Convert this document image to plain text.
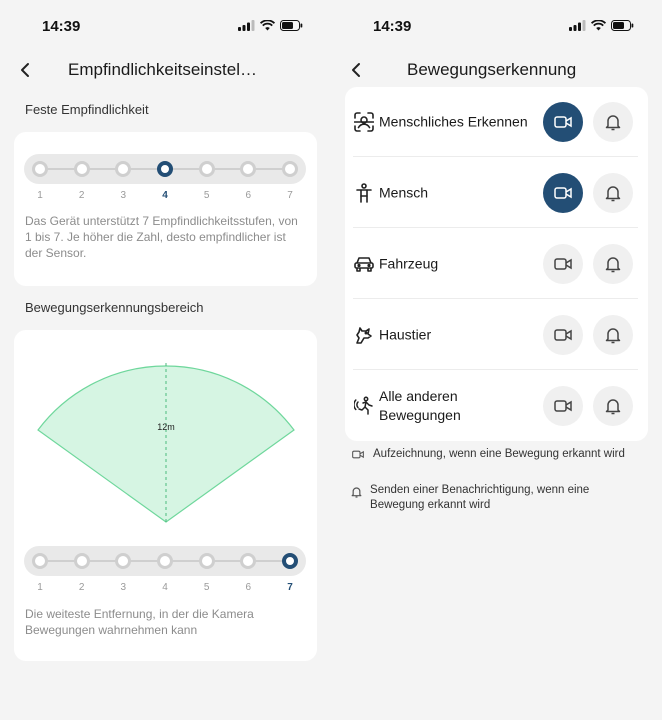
14:39
Empfindlichkeitseinstel…
Feste Empfindlichkeit
1	2	3	4	5	6	7

Das Gerät unterstützt 7 Empfindlichkeitsstufen, von 1 bis 7. Je höher die Zahl, desto empfindlicher ist der Sensor.

Bewegungserkennungsbereich
12m
1	2	3	4	5	6	7

Die weiteste Entfernung, in der die Kamera Bewegungen wahrnehmen kann

14:39
Bewegungserkennung
Menschliches Erkennen
Mensch
Fahrzeug
Haustier
Alle anderen Bewegungen
Aufzeichnung, wenn eine Bewegung erkannt wird
Senden einer Benachrichtigung, wenn eine Bewegung erkannt wird
